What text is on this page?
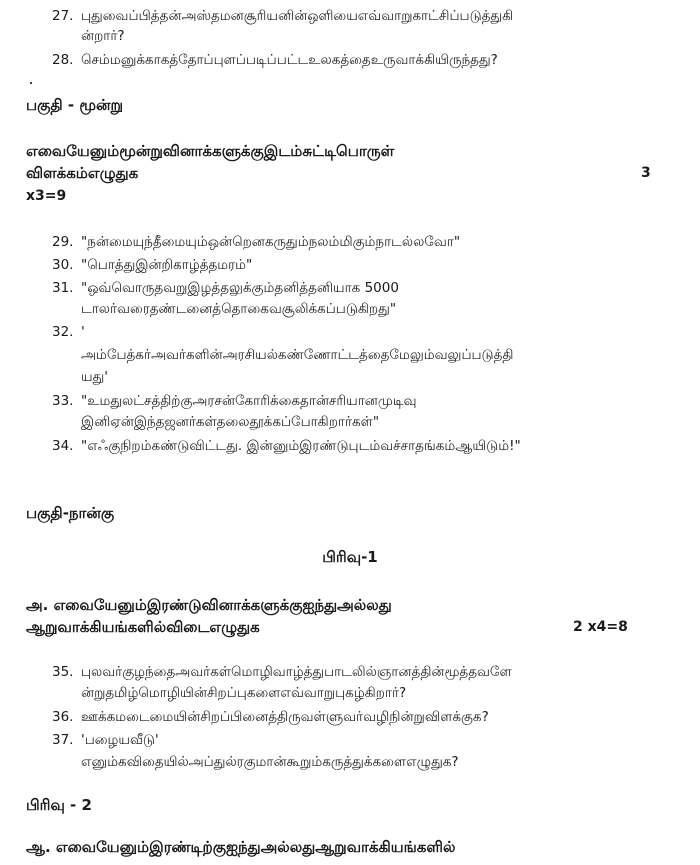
27. புதுவைப்பித்தன்அஸ்தமனசூரியனின்ஒளியைஎவ்வாறுகாட்சிப்படுத்துகி
ன்றார்?
28. செம்மனுக்காகத்தோப்புளப்படிப்பட்டஉலகத்தைஉருவாக்கியிருந்தது?
பகுதி - மூன்று
எவையேனும்மூன்றுவினாக்களுக்குஇடம்சுட்டிபொருள்
விளக்கம்எழுதுக	3
x3=9
29. "நன்மையுந்தீமையும்ஒன்றெனகருதும்நலம்மிகும்நாடல்லவோ"
30. "பொத்துஇன்றிகாழ்த்தமரம்"
31. "ஒவ்வொருதவறுஇழத்தலுக்கும்தனித்தனியாக 5000
டாலர்வரைதண்டனைத்தொகைவசூலிக்கப்படுகிறது"
32. '
அம்பேத்கர்அவர்களின்அரசியல்கண்ணோட்டத்தைமேலும்வலுப்படுத்தி
யது'
33. "உமதுலட்சத்திற்குஅரசன்கோரிக்கைதான்சரியானமுடிவு
இனிஏன்இந்தஜனர்கள்தலைதூக்கப்போகிறார்கள்"
34. "எஃகுநிறம்கண்டுவிட்டது. இன்னும்இரண்டுபுடம்வச்சாதங்கம்ஆயிடும்!"
பகுதி-நான்கு
பிரிவு-1
அ. எவையேனும்இரண்டுவினாக்களுக்குஐந்துஅல்லது
ஆறுவாக்கியங்களில்விடைஎழுதுக	2 x4=8
35. புலவர்குழந்தைஅவர்கள்மொழிவாழ்த்துபாடலில்ஞானத்தின்மூத்தவளே
ன்றுதமிழ்மொழியின்சிறப்புகளைஎவ்வாறுபுகழ்கிறார்?
36. ஊக்கமடைமையின்சிறப்பினைத்திருவள்ளுவர்வழிநின்றுவிளக்குக?
37. 'பழையவீடு'
எனும்கவிதையில்அப்துல்ரகுமான்கூறும்கருத்துக்களைஎழுதுக?
பிரிவு - 2
ஆ. எவையேனும்இரண்டிற்குஐந்துஅல்லதுஆறுவாக்கியங்களில்
